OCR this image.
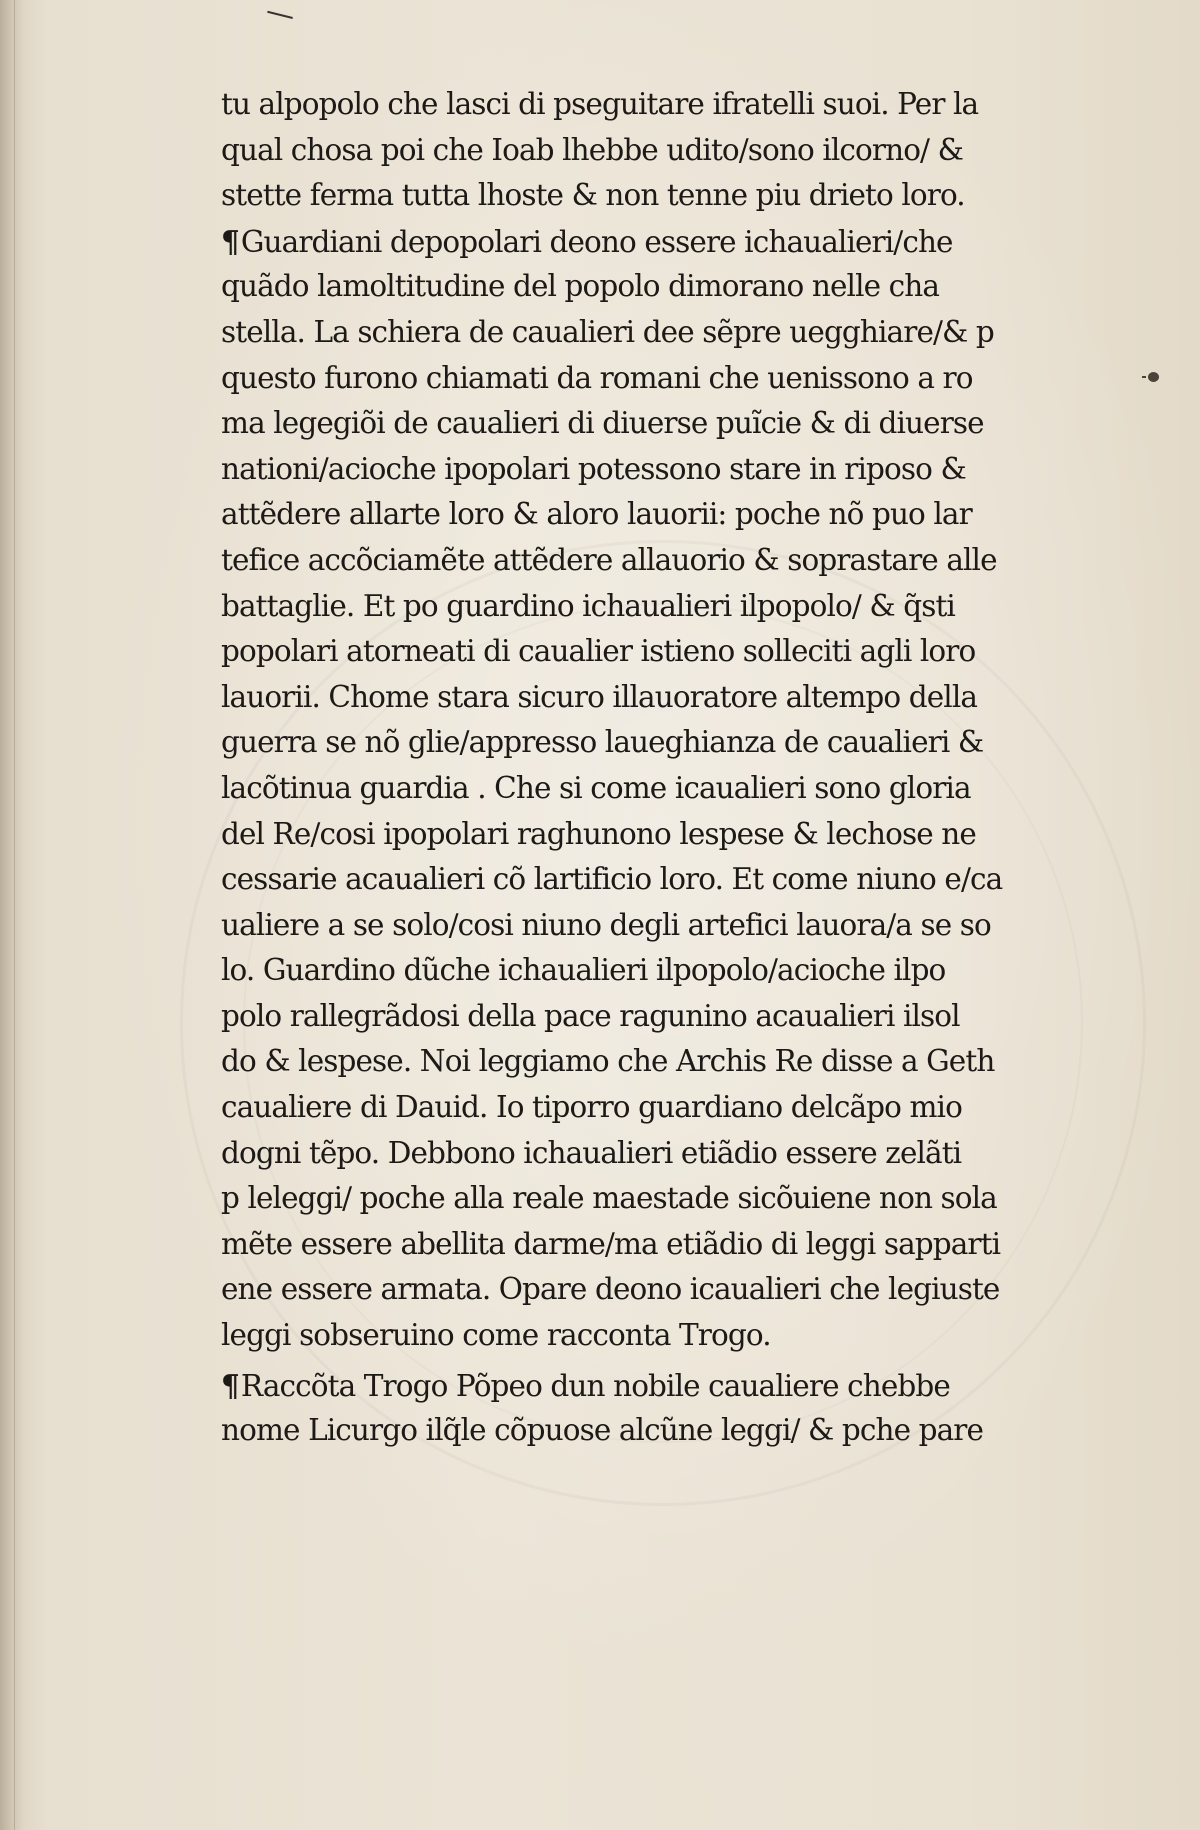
tu alpopolo che lasci di pseguitare ifratelli suoi. Per la
qual chosa poi che Ioab lhebbe udito/sono ilcorno/ &
stette ferma tutta lhoste & non tenne piu drieto loro.
¶Guardiani depopolari deono essere ichaualieri/che
quãdo lamoltitudine del popolo dimorano nelle cha
stella. La schiera de caualieri dee sẽpre uegghiare/& p
questo furono chiamati da romani che uenissono a ro
ma legegiõi de caualieri di diuerse puĩcie & di diuerse
nationi/acioche ipopolari potessono stare in riposo &
attẽdere allarte loro & aloro lauorii: poche nõ puo lar
tefice accõciamẽte attẽdere allauorio & soprastare alle
battaglie. Et po guardino ichaualieri ilpopolo/ & q̃sti
popolari atorneati di caualier istieno solleciti agli loro
lauorii. Chome stara sicuro illauoratore altempo della
guerra se nõ glie/appresso laueghianza de caualieri &
lacõtinua guardia . Che si come icaualieri sono gloria
del Re/cosi ipopolari raghunono lespese & lechose ne
cessarie acaualieri cõ lartificio loro. Et come niuno e/ca
ualiere a se solo/cosi niuno degli artefici lauora/a se so
lo. Guardino dũche ichaualieri ilpopolo/acioche ilpo
polo rallegrãdosi della pace ragunino acaualieri ilsol
do & lespese. Noi leggiamo che Archis Re disse a Geth
caualiere di Dauid. Io tiporro guardiano delcãpo mio
dogni tẽpo. Debbono ichaualieri etiãdio essere zelãti
p leleggi/ poche alla reale maestade sicõuiene non sola
mẽte essere abellita darme/ma etiãdio di leggi sapparti
ene essere armata. Opare deono icaualieri che legiuste
leggi sobseruino come racconta Trogo.
¶Raccõta Trogo Põpeo dun nobile caualiere chebbe
nome Licurgo ilq̃le cõpuose alcũne leggi/ & pche pare
